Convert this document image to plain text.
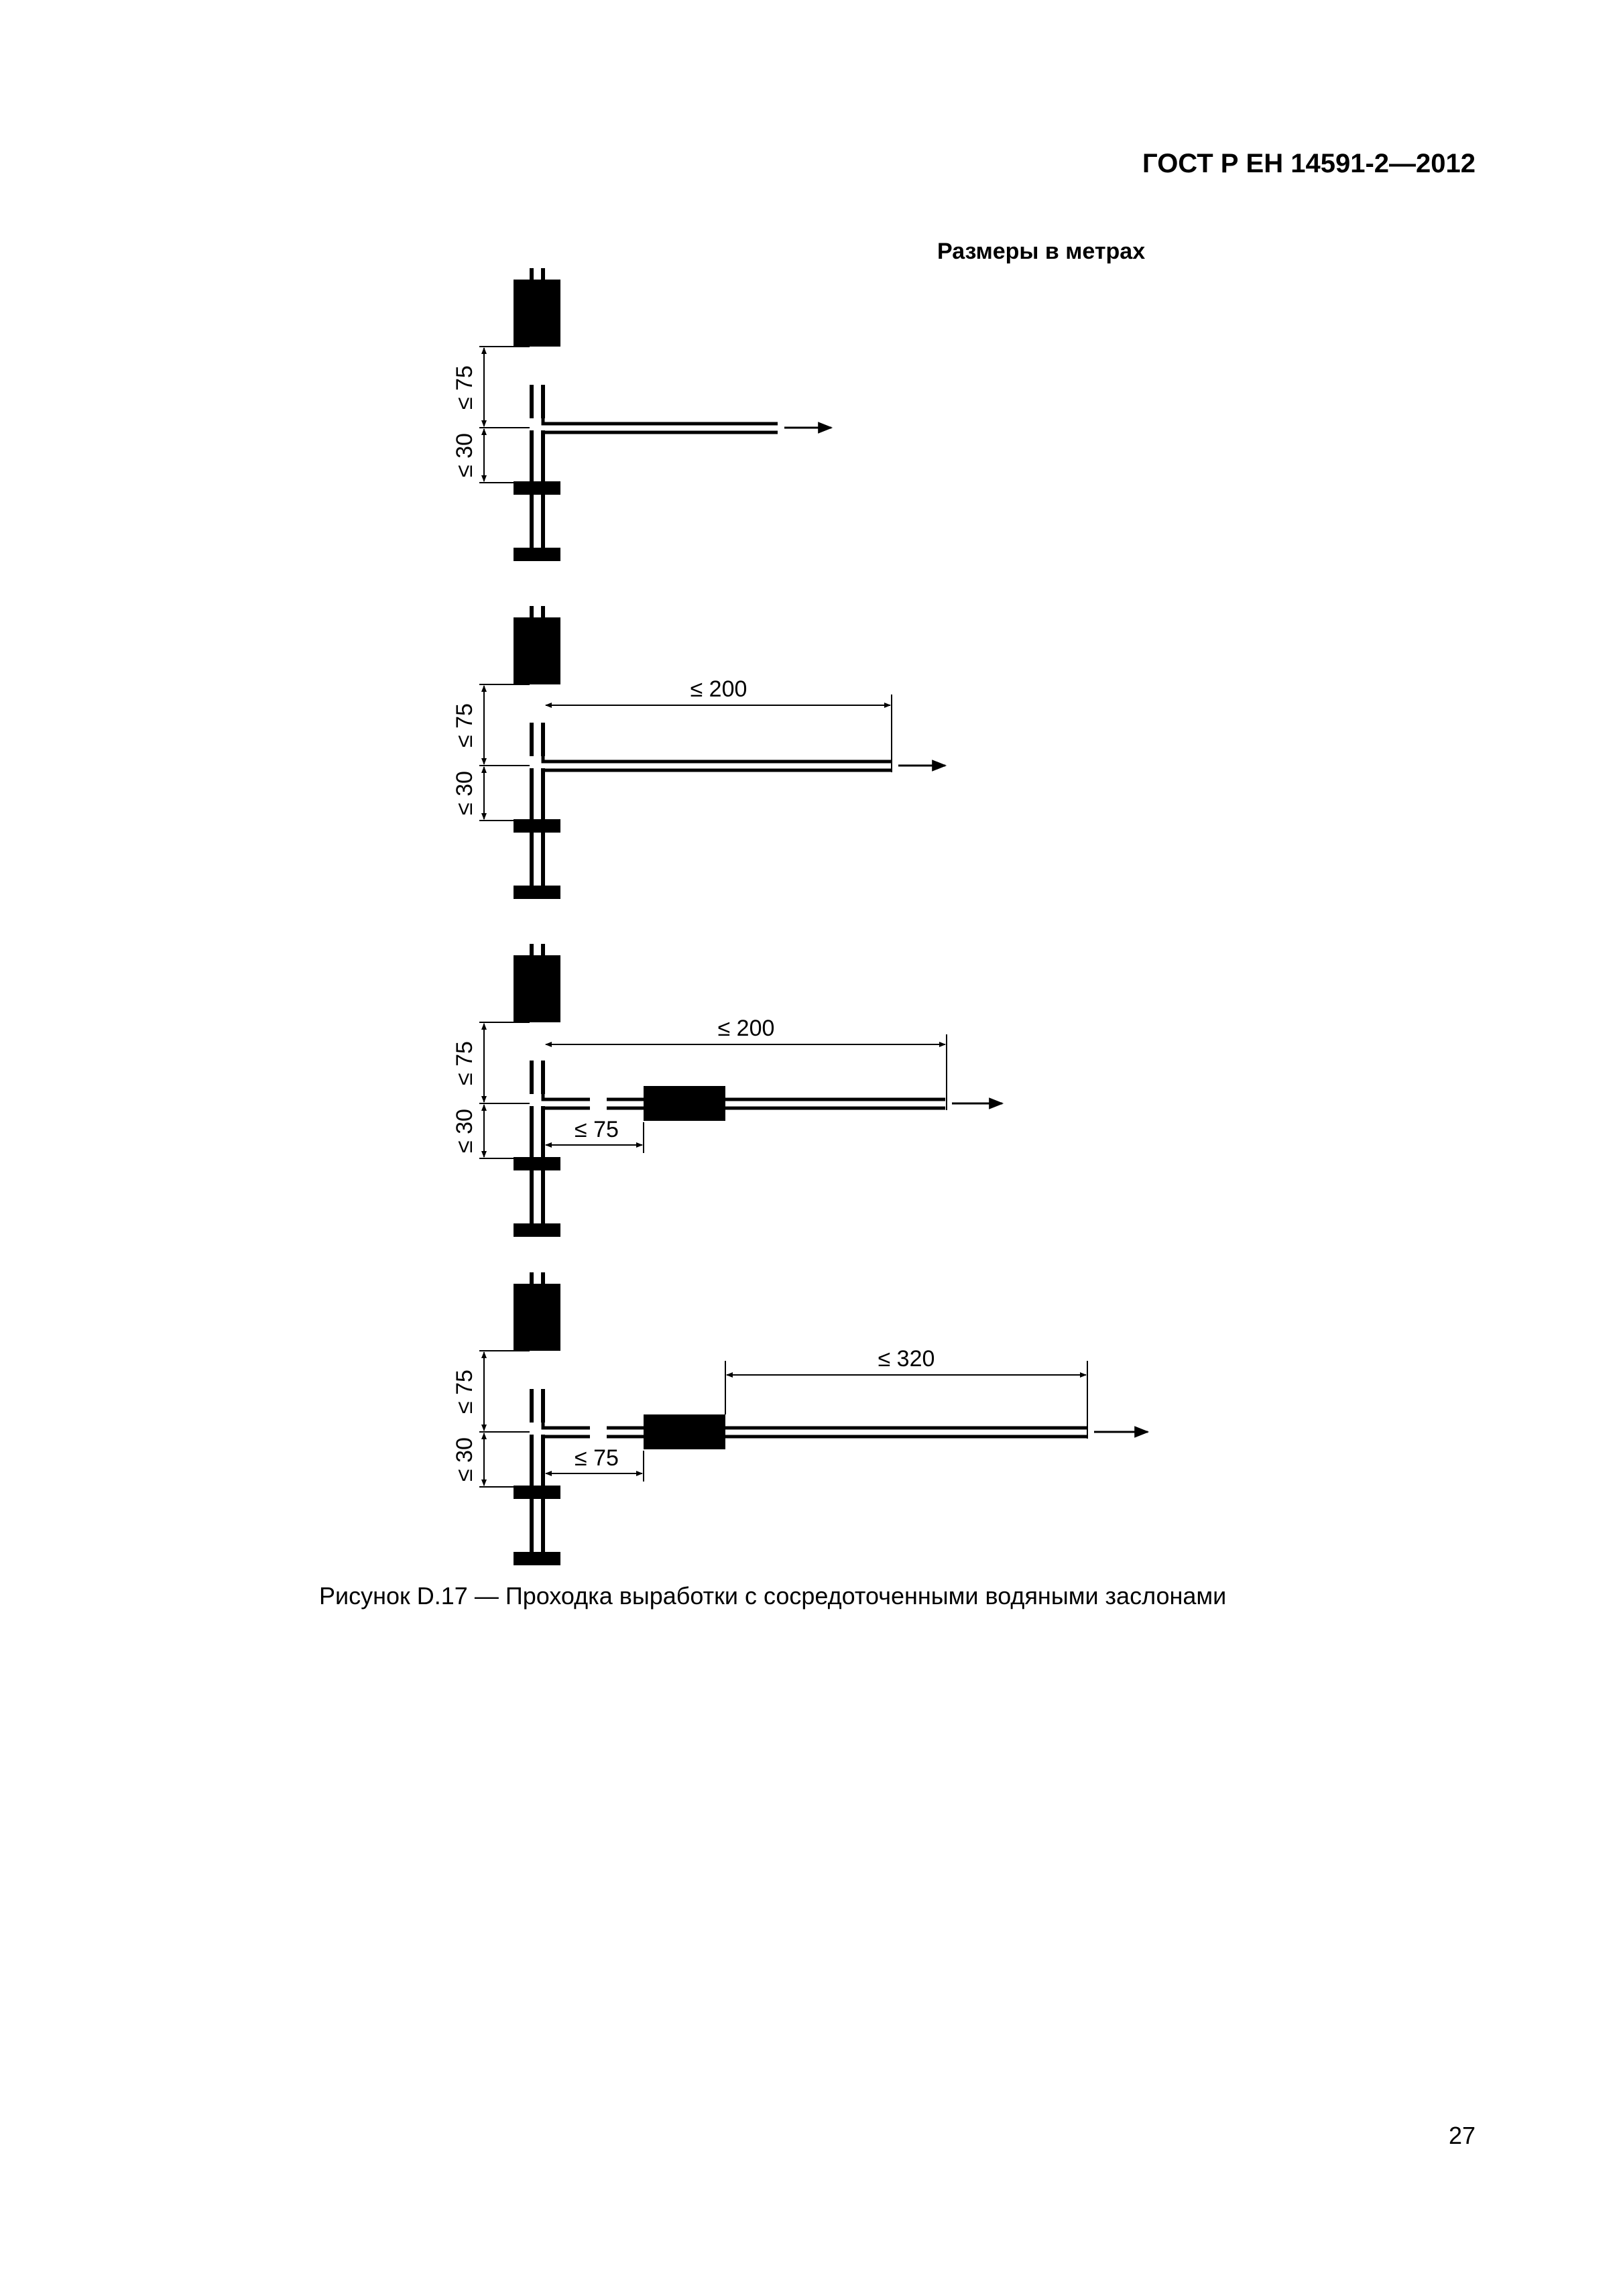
ГОСТ Р ЕН 14591-2—2012
Размеры в метрах
≤ 75
≤ 30
≤ 75
≤ 30
≤ 200
≤ 75
≤ 30
≤ 200
≤ 75
≤ 75
≤ 30
≤ 320
≤ 75
Рисунок D.17 — Проходка выработки с сосредоточенными водяными заслонами
27
